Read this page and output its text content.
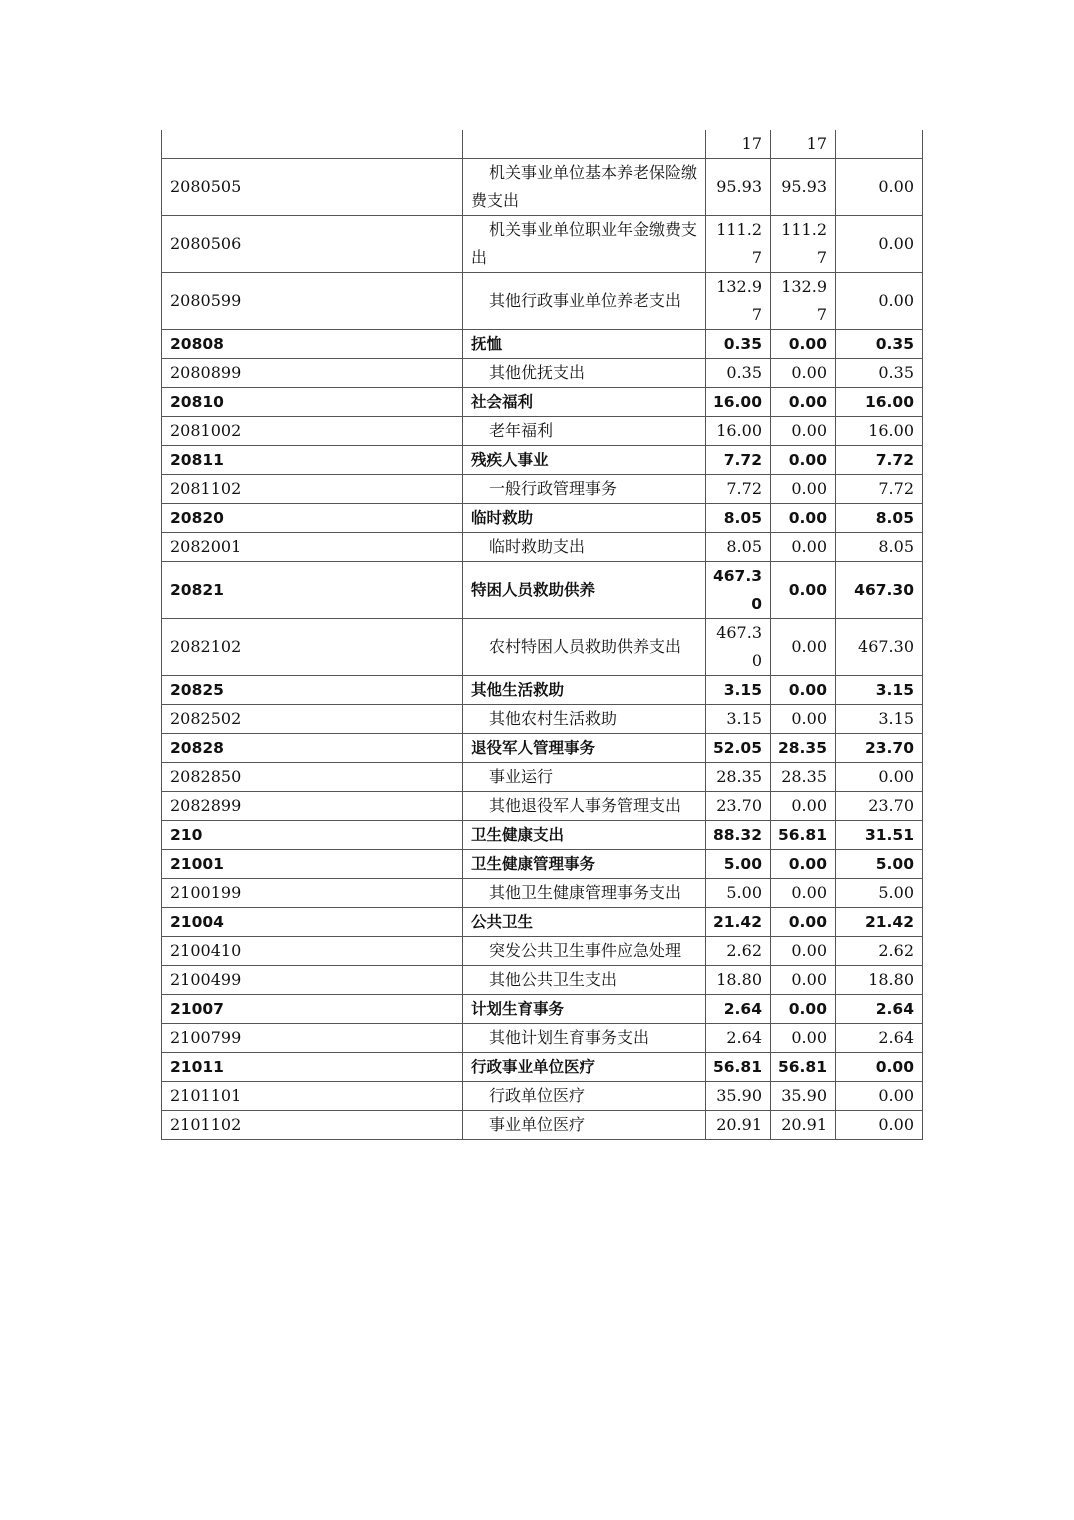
		17	17	
2080505	机关事业单位基本养老保险缴费支出	95.93	95.93	0.00
2080506	机关事业单位职业年金缴费支出	111.27	111.27	0.00
2080599	其他行政事业单位养老支出	132.97	132.97	0.00
20808	抚恤	0.35	0.00	0.35
2080899	其他优抚支出	0.35	0.00	0.35
20810	社会福利	16.00	0.00	16.00
2081002	老年福利	16.00	0.00	16.00
20811	残疾人事业	7.72	0.00	7.72
2081102	一般行政管理事务	7.72	0.00	7.72
20820	临时救助	8.05	0.00	8.05
2082001	临时救助支出	8.05	0.00	8.05
20821	特困人员救助供养	467.30	0.00	467.30
2082102	农村特困人员救助供养支出	467.30	0.00	467.30
20825	其他生活救助	3.15	0.00	3.15
2082502	其他农村生活救助	3.15	0.00	3.15
20828	退役军人管理事务	52.05	28.35	23.70
2082850	事业运行	28.35	28.35	0.00
2082899	其他退役军人事务管理支出	23.70	0.00	23.70
210	卫生健康支出	88.32	56.81	31.51
21001	卫生健康管理事务	5.00	0.00	5.00
2100199	其他卫生健康管理事务支出	5.00	0.00	5.00
21004	公共卫生	21.42	0.00	21.42
2100410	突发公共卫生事件应急处理	2.62	0.00	2.62
2100499	其他公共卫生支出	18.80	0.00	18.80
21007	计划生育事务	2.64	0.00	2.64
2100799	其他计划生育事务支出	2.64	0.00	2.64
21011	行政事业单位医疗	56.81	56.81	0.00
2101101	行政单位医疗	35.90	35.90	0.00
2101102	事业单位医疗	20.91	20.91	0.00
